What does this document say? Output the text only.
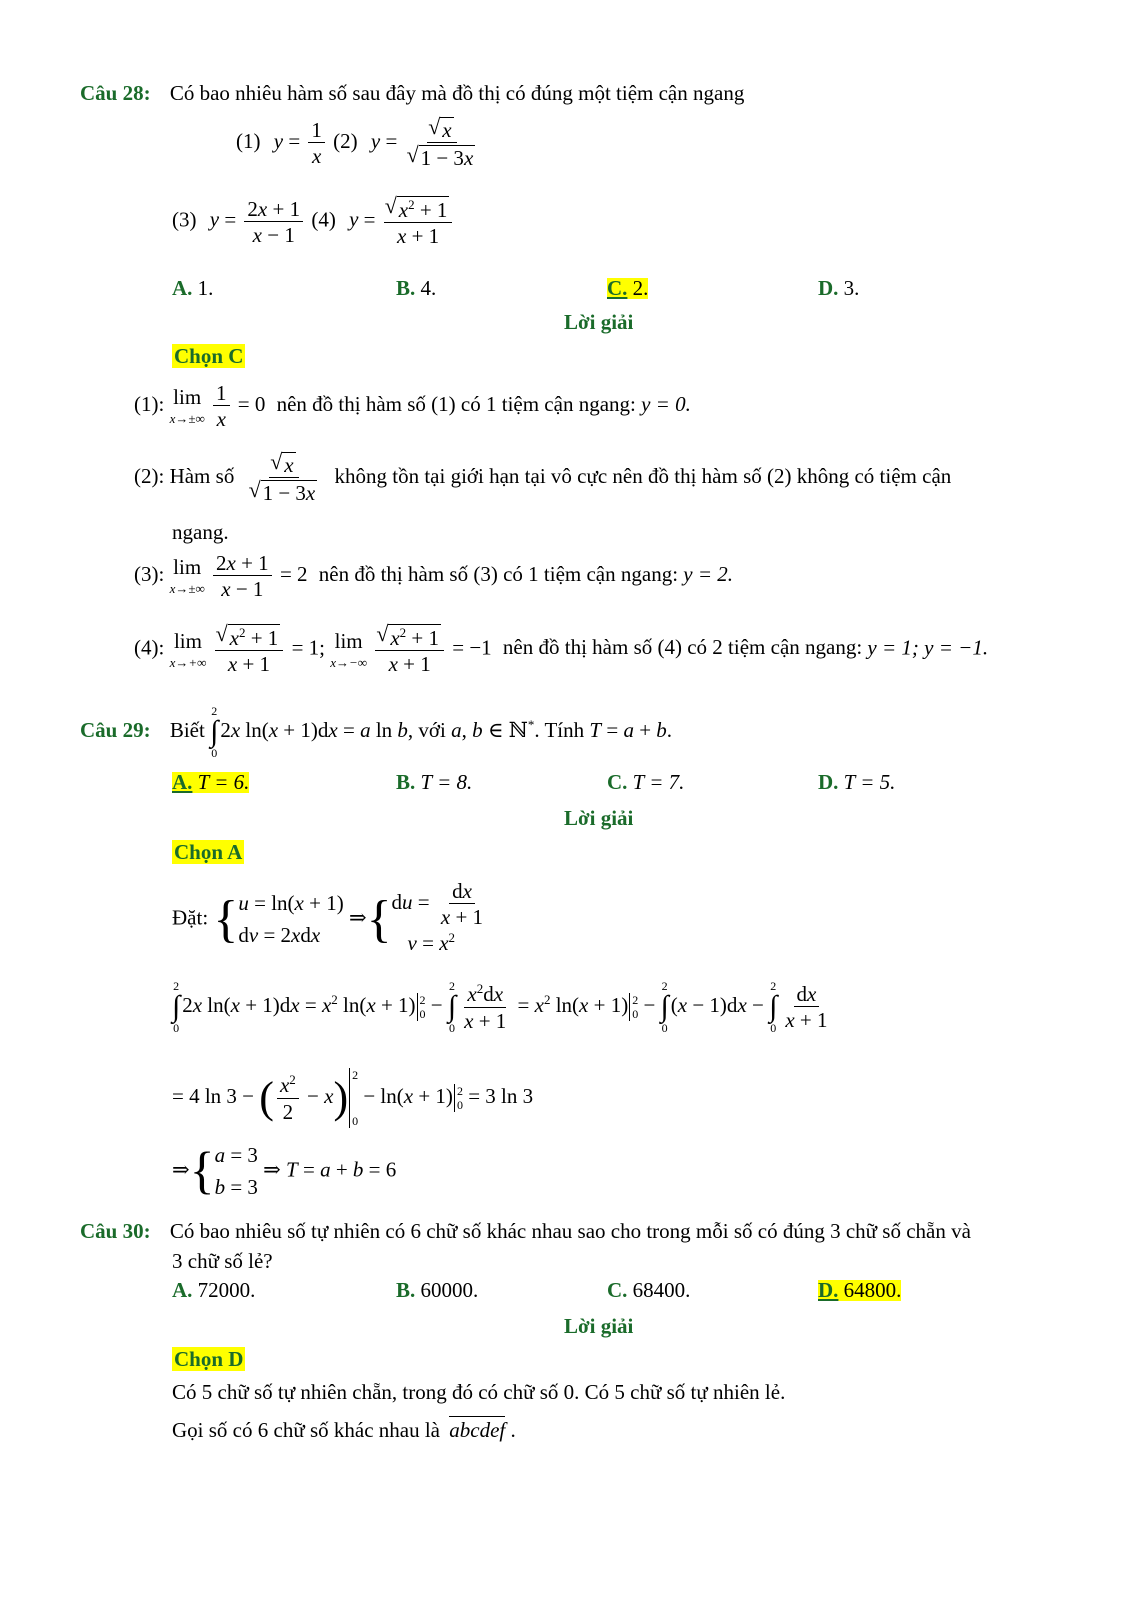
Câu 28: Có bao nhiêu hàm số sau đây mà đồ thị có đúng một tiệm cận ngang
(1) $y = \frac{1}{x} (2) y$ = √ x
√ 1 − 3x
(3) $y = \frac{2x + 1}{x - 1} (4) y$ = √ $\frac{x^2 + 1}{x + 1}$
A. 1.	B. 4.	C. 2.	D. 3.
Lời giải
Chọn C
(1): lim
x→±∞
$\frac{1}{x} = 0$ nên đồ thị hàm số (1) có 1 tiệm cận ngang: y = 0.
(2): Hàm số √ x
√ 1 − 3x không tồn tại giới hạn tại vô cực nên đồ thị hàm số (2) không có tiệm cận
ngang.
(3): lim
x→±∞
$\frac{2x + 1}{x - 1} = 2$ nên đồ thị hàm số (3) có 1 tiệm cận ngang: y = 2.
(4): lim
x→+∞
√ $\frac{x^2 + 1}{x + 1} = 1$; lim
x→−∞
√ $\frac{x^2 + 1}{x + 1} = -1$ nên đồ thị hàm số (4) có 2 tiệm cận ngang: y = 1; y = −1.
Câu 29: Biết
2
∫
0
2x ln(x + 1)dx = a ln b, với a, b ∈ ℕ*. Tính T = a + b.
A. T = 6.	B. T = 8.	C. T = 7.	D. T = 5.
Lời giải
Chọn A
Đặt: { u = ln(x + 1)
dv = 2xdx
⇒{ du = $\frac{dx}{x + 1}$
$v = x^2$
2
∫
0
2x $\ln(x + 1)dx = x^2$ ln(x + 1) 2
0 −
2
∫
$0 \frac{x^2dx}{x + 1} = x^2$ ln(x + 1) 2
0 −
2
∫
0
(x − 1)dx −
2
∫
$0 \frac{dx}{x + 1}$
= 4 ln 3 − ( $\frac{x^2}{2} - x$) 2
0
− ln(x + 1) 2
0 = 3 ln 3
⇒{ a = 3
b = 3
⇒ T = a + b = 6
Câu 30: Có bao nhiêu số tự nhiên có 6 chữ số khác nhau sao cho trong mỗi số có đúng 3 chữ số chẵn và
3 chữ số lẻ?
A. 72000.	B. 60000.	C. 68400.	D. 64800.
Lời giải
Chọn D
Có 5 chữ số tự nhiên chẵn, trong đó có chữ số 0. Có 5 chữ số tự nhiên lẻ.
Gọi số có 6 chữ số khác nhau là abcdef .
